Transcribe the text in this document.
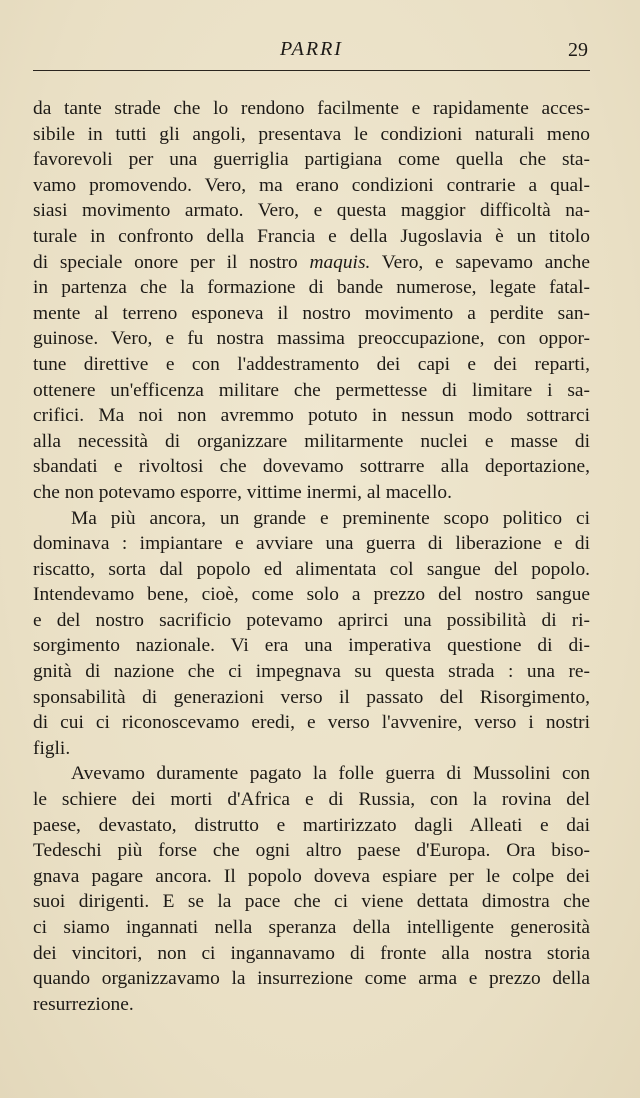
PARRI	29

da tante strade che lo rendono facilmente e rapidamente acces-
sibile in tutti gli angoli, presentava le condizioni naturali meno
favorevoli per una guerriglia partigiana come quella che sta-
vamo promovendo. Vero, ma erano condizioni contrarie a qual-
siasi movimento armato. Vero, e questa maggior difficoltà na-
turale in confronto della Francia e della Jugoslavia è un titolo
di speciale onore per il nostro maquis. Vero, e sapevamo anche
in partenza che la formazione di bande numerose, legate fatal-
mente al terreno esponeva il nostro movimento a perdite san-
guinose. Vero, e fu nostra massima preoccupazione, con oppor-
tune direttive e con l'addestramento dei capi e dei reparti,
ottenere un'efficenza militare che permettesse di limitare i sa-
crifici. Ma noi non avremmo potuto in nessun modo sottrarci
alla necessità di organizzare militarmente nuclei e masse di
sbandati e rivoltosi che dovevamo sottrarre alla deportazione,
che non potevamo esporre, vittime inermi, al macello.

Ma più ancora, un grande e preminente scopo politico ci
dominava : impiantare e avviare una guerra di liberazione e di
riscatto, sorta dal popolo ed alimentata col sangue del popolo.
Intendevamo bene, cioè, come solo a prezzo del nostro sangue
e del nostro sacrificio potevamo aprirci una possibilità di ri-
sorgimento nazionale. Vi era una imperativa questione di di-
gnità di nazione che ci impegnava su questa strada : una re-
sponsabilità di generazioni verso il passato del Risorgimento,
di cui ci riconoscevamo eredi, e verso l'avvenire, verso i nostri
figli.

Avevamo duramente pagato la folle guerra di Mussolini con
le schiere dei morti d'Africa e di Russia, con la rovina del
paese, devastato, distrutto e martirizzato dagli Alleati e dai
Tedeschi più forse che ogni altro paese d'Europa. Ora biso-
gnava pagare ancora. Il popolo doveva espiare per le colpe dei
suoi dirigenti. E se la pace che ci viene dettata dimostra che
ci siamo ingannati nella speranza della intelligente generosità
dei vincitori, non ci ingannavamo di fronte alla nostra storia
quando organizzavamo la insurrezione come arma e prezzo della
resurrezione.
